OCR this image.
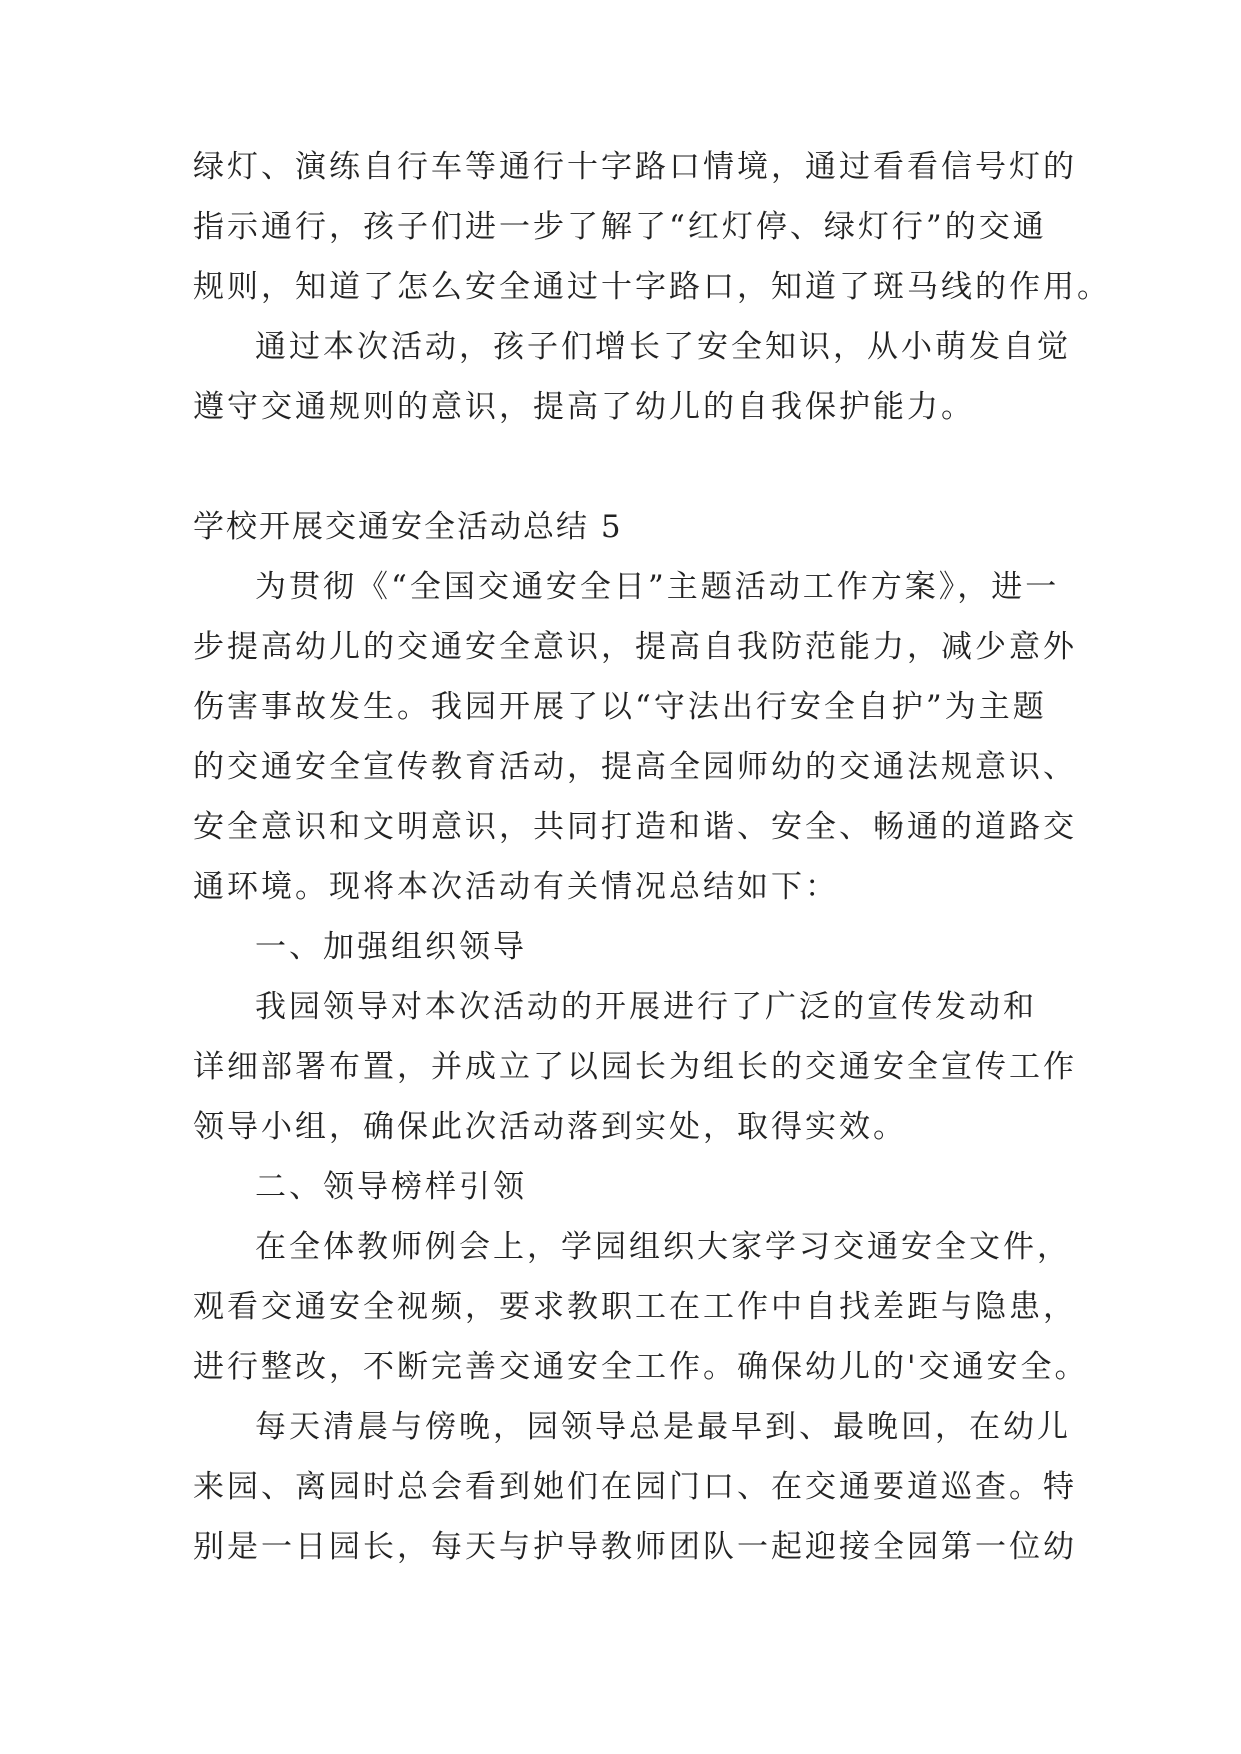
绿灯、演练自行车等通行十字路口情境，通过看看信号灯的
指示通行，孩子们进一步了解了“红灯停、绿灯行”的交通
规则，知道了怎么安全通过十字路口，知道了斑马线的作用。
通过本次活动，孩子们增长了安全知识，从小萌发自觉
遵守交通规则的意识，提高了幼儿的自我保护能力。
学校开展交通安全活动总结 5
为贯彻《“全国交通安全日”主题活动工作方案》，进一
步提高幼儿的交通安全意识，提高自我防范能力，减少意外
伤害事故发生。我园开展了以“守法出行安全自护”为主题
的交通安全宣传教育活动，提高全园师幼的交通法规意识、
安全意识和文明意识，共同打造和谐、安全、畅通的道路交
通环境。现将本次活动有关情况总结如下：
一、加强组织领导
我园领导对本次活动的开展进行了广泛的宣传发动和
详细部署布置，并成立了以园长为组长的交通安全宣传工作
领导小组，确保此次活动落到实处，取得实效。
二、领导榜样引领
在全体教师例会上，学园组织大家学习交通安全文件，
观看交通安全视频，要求教职工在工作中自找差距与隐患，
进行整改，不断完善交通安全工作。确保幼儿的'交通安全。
每天清晨与傍晚，园领导总是最早到、最晚回，在幼儿
来园、离园时总会看到她们在园门口、在交通要道巡查。特
别是一日园长，每天与护导教师团队一起迎接全园第一位幼
